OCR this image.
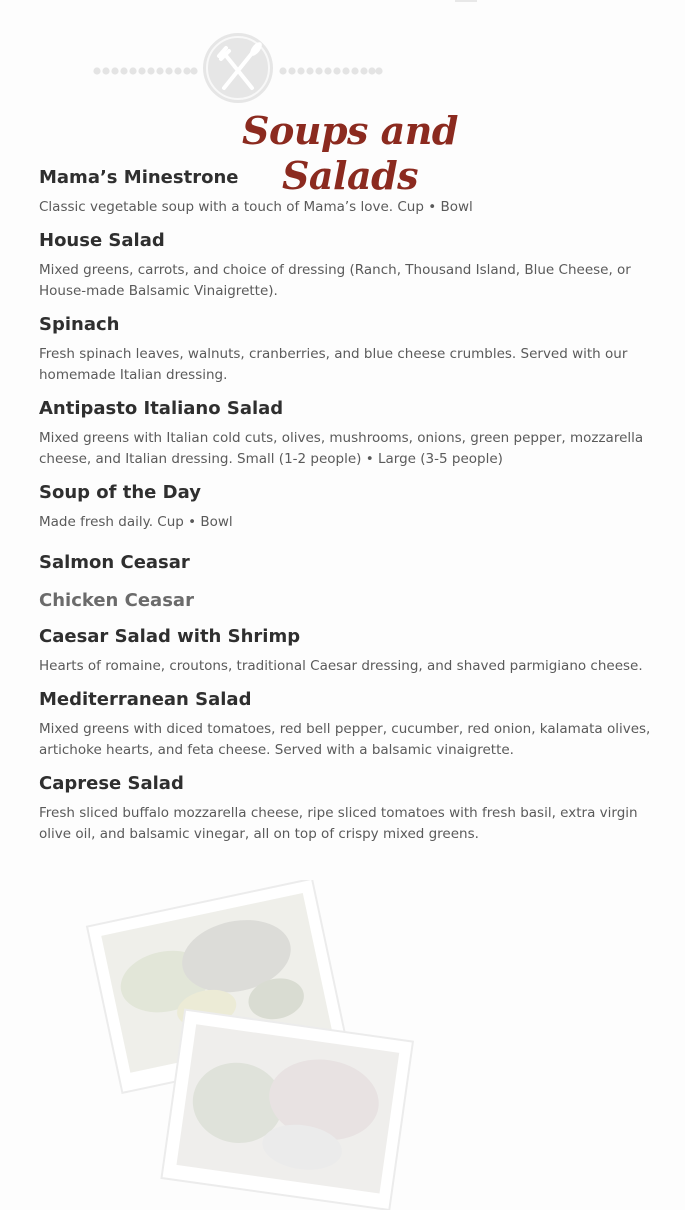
Soups and Salads

Mama’s Minestrone

Classic vegetable soup with a touch of Mama’s love. Cup • Bowl

House Salad

Mixed greens, carrots, and choice of dressing (Ranch, Thousand Island, Blue Cheese, or House-made Balsamic Vinaigrette).

Spinach

Fresh spinach leaves, walnuts, cranberries, and blue cheese crumbles. Served with our homemade Italian dressing.

Antipasto Italiano Salad

Mixed greens with Italian cold cuts, olives, mushrooms, onions, green pepper, mozzarella cheese, and Italian dressing. Small (1-2 people) • Large (3-5 people)

Soup of the Day

Made fresh daily. Cup • Bowl

Salmon Ceasar

Chicken Ceasar

Caesar Salad with Shrimp

Hearts of romaine, croutons, traditional Caesar dressing, and shaved parmigiano cheese.

Mediterranean Salad

Mixed greens with diced tomatoes, red bell pepper, cucumber, red onion, kalamata olives, artichoke hearts, and feta cheese. Served with a balsamic vinaigrette.

Caprese Salad

Fresh sliced buffalo mozzarella cheese, ripe sliced tomatoes with fresh basil, extra virgin olive oil, and balsamic vinegar, all on top of crispy mixed greens.
